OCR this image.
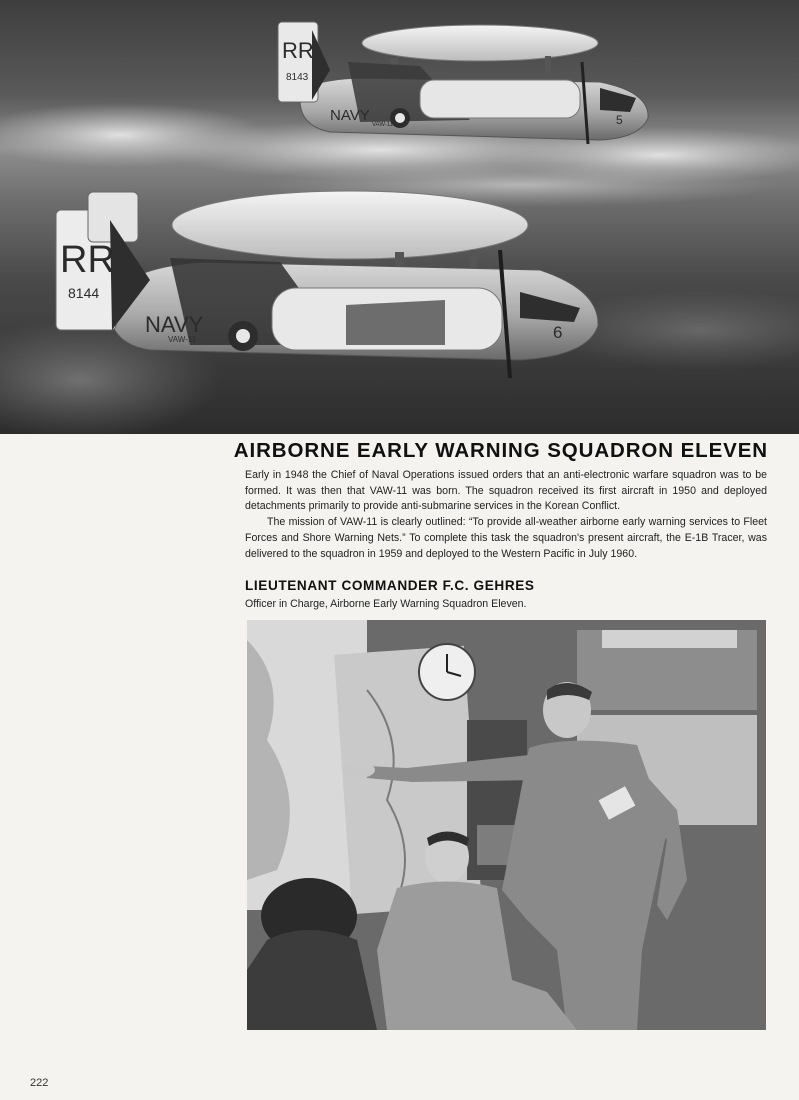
RR
8143
NAVY
VAW-11	5
RR
8144
NAVY
VAW-11	6
AIRBORNE EARLY WARNING SQUADRON ELEVEN

Early in 1948 the Chief of Naval Operations issued orders that an anti-electronic warfare squadron was to be formed. It was then that VAW-11 was born. The squadron received its first aircraft in 1950 and deployed detachments primarily to provide anti-submarine services in the Korean Conflict.

The mission of VAW-11 is clearly outlined: “To provide all-weather airborne early warning services to Fleet Forces and Shore Warning Nets.” To complete this task the squadron's present aircraft, the E-1B Tracer, was delivered to the squadron in 1959 and deployed to the Western Pacific in July 1960.

LIEUTENANT COMMANDER F.C. GEHRES
Officer in Charge, Airborne Early Warning Squadron Eleven.
222
